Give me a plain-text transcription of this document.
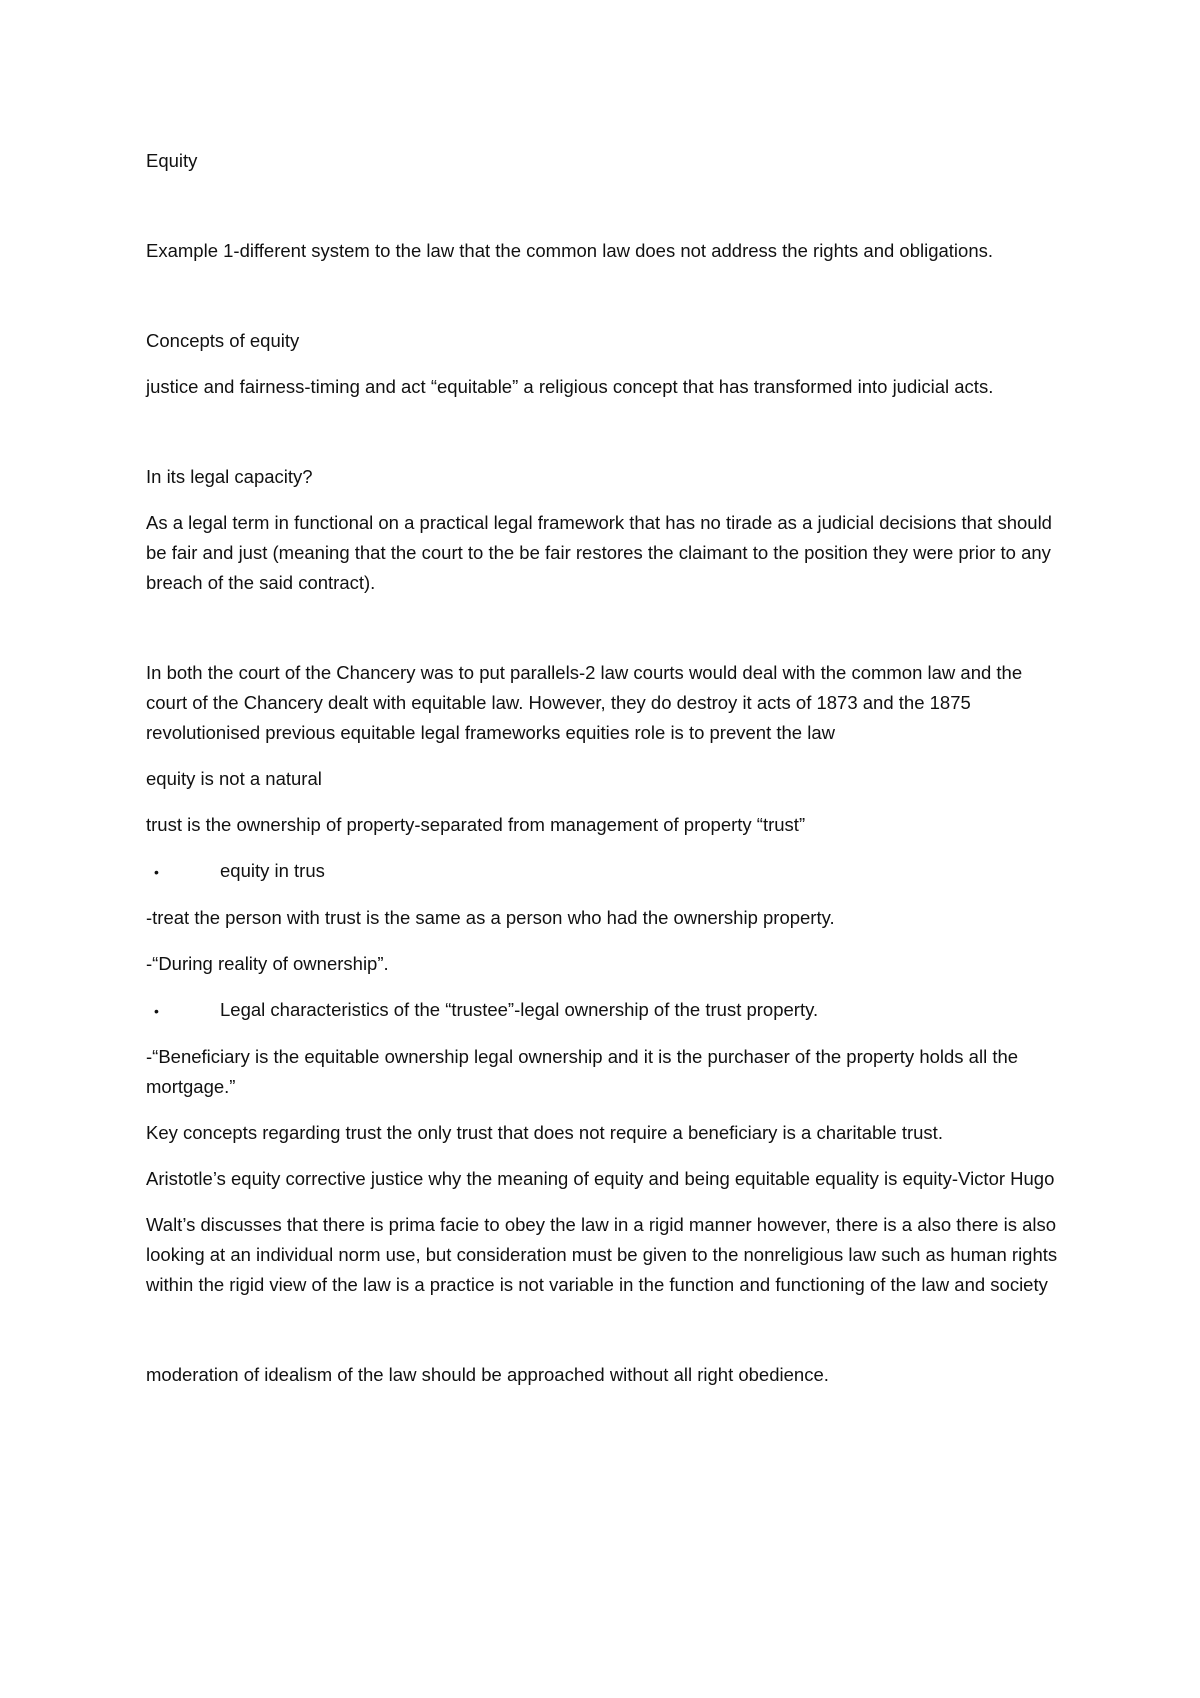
Equity

Example 1-different system to the law that the common law does not address the rights and obligations.

Concepts of equity

justice and fairness-timing and act “equitable” a religious concept that has transformed into judicial acts.

In its legal capacity?

As a legal term in functional on a practical legal framework that has no tirade as a judicial decisions that should be fair and just (meaning that the court to the be fair restores the claimant to the position they were prior to any breach of the said contract).

In both the court of the Chancery was to put parallels-2 law courts would deal with the common law and the court of the Chancery dealt with equitable law. However, they do destroy it acts of 1873 and the 1875 revolutionised previous equitable legal frameworks equities role is to prevent the law

equity is not a natural

trust is the ownership of property-separated from management of property “trust”

•	equity in trus

-treat the person with trust is the same as a person who had the ownership property.

-“During reality of ownership”.

•	Legal characteristics of the “trustee”-legal ownership of the trust property.

-“Beneficiary is the equitable ownership legal ownership and it is the purchaser of the property holds all the mortgage.”

Key concepts regarding trust the only trust that does not require a beneficiary is a charitable trust.

Aristotle’s equity corrective justice why the meaning of equity and being equitable equality is equity-Victor Hugo

Walt’s discusses that there is prima facie to obey the law in a rigid manner however, there is a also there is also looking at an individual norm use, but consideration must be given to the nonreligious law such as human rights within the rigid view of the law is a practice is not variable in the function and functioning of the law and society

moderation of idealism of the law should be approached without all right obedience.
